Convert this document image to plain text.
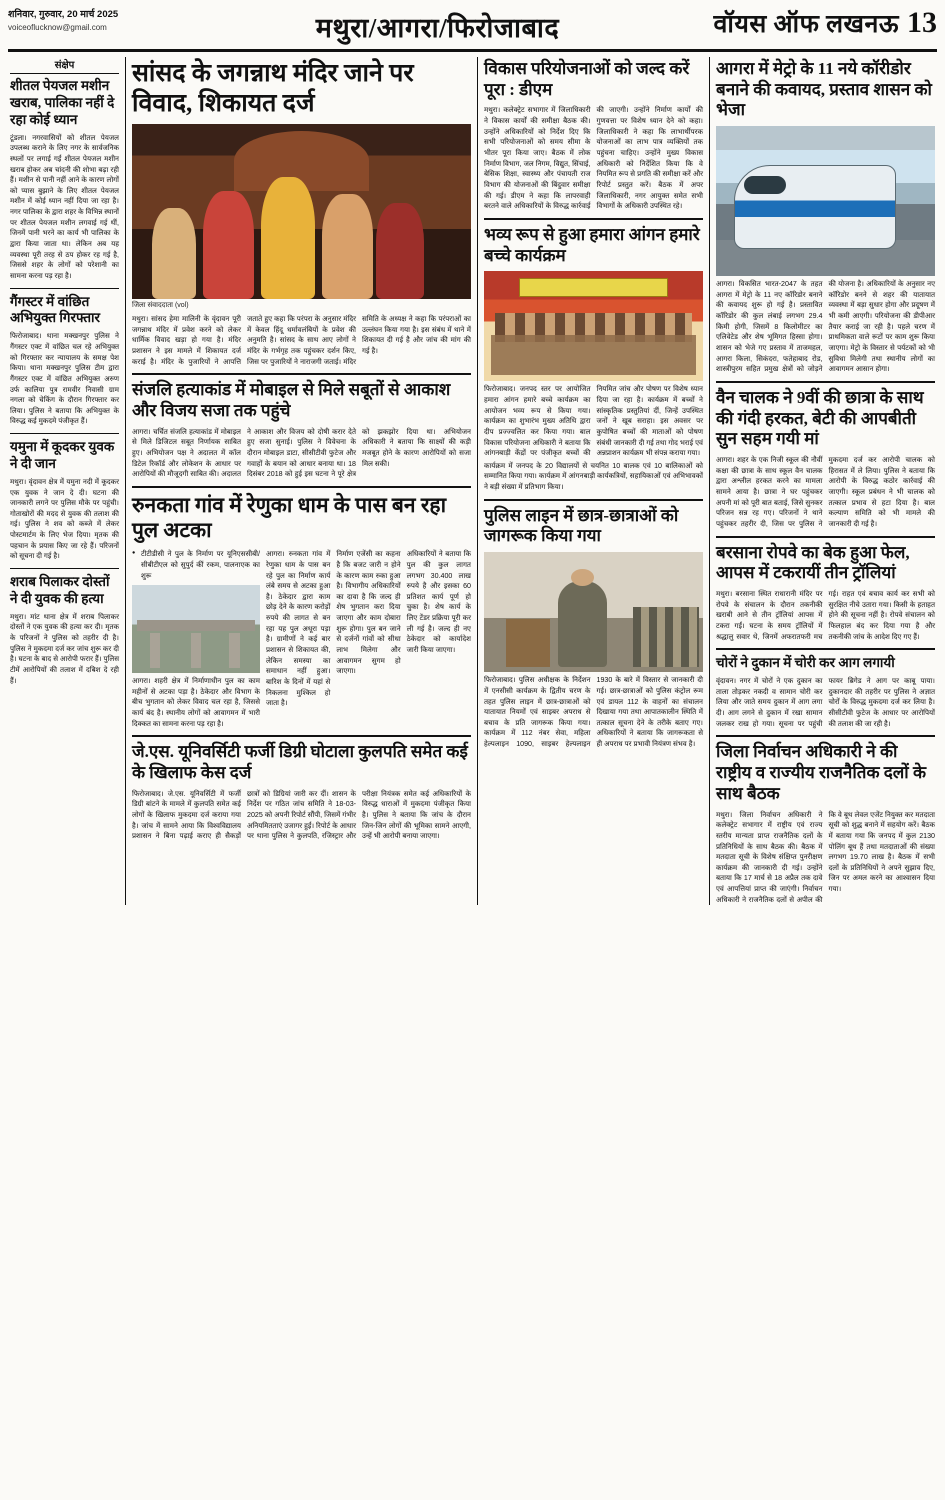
शनिवार, गुरुवार, 20 मार्च 2025
voiceoflucknow@gmail.com	मथुरा/आगरा/फिरोजाबाद	वॉयस ऑफ लखनऊ 13
संक्षेप
शीतल पेयजल मशीन खराब, पालिका नहीं दे रहा कोई ध्यान
टूंडला। नगरवासियों को शीतल पेयजल उपलब्ध कराने के लिए नगर के सार्वजनिक स्थलों पर लगाई गईं शीतल पेयजल मशीन खराब होकर अब चांदनी की शोभा बढ़ा रही हैं। मशीन से पानी नहीं आने के कारण लोगों को प्यास बुझाने के लिए शीतल पेयजल मशीन में कोई ध्यान नहीं दिया जा रहा है। नगर पालिका के द्वारा शहर के विभिन्न स्थानों पर शीतल पेयजल मशीन लगवाई गई थीं, जिनमें पानी भरने का कार्य भी पालिका के द्वारा किया जाता था। लेकिन अब यह व्यवस्था पूरी तरह से ठप होकर रह गई है, जिससे शहर के लोगों को परेशानी का सामना करना पड़ रहा है।
गैंगस्टर में वांछित अभियुक्त गिरफ्तार
फिरोजाबाद। थाना मक्खनपुर पुलिस ने गैंगस्टर एक्ट में वांछित चल रहे अभियुक्त को गिरफ्तार कर न्यायालय के समक्ष पेश किया। थाना मक्खनपुर पुलिस टीम द्वारा गैंगस्टर एक्ट में वांछित अभियुक्त अरुण उर्फ कालिया पुत्र रामवीर निवासी ग्राम नगला को चेकिंग के दौरान गिरफ्तार कर लिया। पुलिस ने बताया कि अभियुक्त के विरुद्ध कई मुकदमे पंजीकृत हैं।
यमुना में कूदकर युवक ने दी जान
मथुरा। वृंदावन क्षेत्र में यमुना नदी में कूदकर एक युवक ने जान दे दी। घटना की जानकारी लगने पर पुलिस मौके पर पहुंची। गोताखोरों की मदद से युवक की तलाश की गई। पुलिस ने शव को कब्जे में लेकर पोस्टमार्टम के लिए भेज दिया। मृतक की पहचान के प्रयास किए जा रहे हैं। परिजनों को सूचना दी गई है।
शराब पिलाकर दोस्तों ने दी युवक की हत्या
मथुरा। मांट थाना क्षेत्र में शराब पिलाकर दोस्तों ने एक युवक की हत्या कर दी। मृतक के परिजनों ने पुलिस को तहरीर दी है। पुलिस ने मुकदमा दर्ज कर जांच शुरू कर दी है। घटना के बाद से आरोपी फरार हैं। पुलिस टीमें आरोपियों की तलाश में दबिश दे रही हैं।
सांसद के जगन्नाथ मंदिर जाने पर विवाद, शिकायत दर्ज
जिला संवाददाता (vol)
मथुरा। सांसद हेमा मालिनी के वृंदावन पूरी जगन्नाथ मंदिर में प्रवेश करने को लेकर धार्मिक विवाद खड़ा हो गया है। मंदिर प्रशासन ने इस मामले में शिकायत दर्ज कराई है। मंदिर के पुजारियों ने आपत्ति जताते हुए कहा कि परंपरा के अनुसार मंदिर में केवल हिंदू धर्मावलंबियों के प्रवेश की अनुमति है। सांसद के साथ आए लोगों ने मंदिर के गर्भगृह तक पहुंचकर दर्शन किए, जिस पर पुजारियों ने नाराजगी जताई। मंदिर समिति के अध्यक्ष ने कहा कि परंपराओं का उल्लंघन किया गया है। इस संबंध में थाने में शिकायत दी गई है और जांच की मांग की गई है।
संजलि हत्याकांड में मोबाइल से मिले सबूतों से आकाश और विजय सजा तक पहुंचे
आगरा। चर्चित संजलि हत्याकांड में मोबाइल से मिले डिजिटल सबूत निर्णायक साबित हुए। अभियोजन पक्ष ने अदालत में कॉल डिटेल रिकॉर्ड और लोकेशन के आधार पर आरोपियों की मौजूदगी साबित की। अदालत ने आकाश और विजय को दोषी करार देते हुए सजा सुनाई। पुलिस ने विवेचना के दौरान मोबाइल डाटा, सीसीटीवी फुटेज और गवाहों के बयान को आधार बनाया था। 18 दिसंबर 2018 को हुई इस घटना ने पूरे क्षेत्र को झकझोर दिया था। अभियोजन अधिकारी ने बताया कि साक्ष्यों की कड़ी मजबूत होने के कारण आरोपियों को सजा मिल सकी।
रुनकता गांव में रेणुका धाम के पास बन रहा पुल अटका
● टीटीडीसी ने पुल के निर्माण पर यूनिएससीबी/सीबीटीएल को सुपुर्द कीं रकम, पालनाएक का शुरू
आगरा। शहरी क्षेत्र में निर्माणाधीन पुल का काम महीनों से अटका पड़ा है। ठेकेदार और विभाग के बीच भुगतान को लेकर विवाद चल रहा है, जिससे कार्य बंद है। स्थानीय लोगों को आवागमन में भारी दिक्कत का सामना करना पड़ रहा है।
आगरा। रुनकता गांव में रेणुका धाम के पास बन रहे पुल का निर्माण कार्य लंबे समय से अटका हुआ है। ठेकेदार द्वारा काम छोड़ देने के कारण करोड़ों रुपये की लागत से बन रहा यह पुल अधूरा पड़ा है। ग्रामीणों ने कई बार प्रशासन से शिकायत की, लेकिन समस्या का समाधान नहीं हुआ। बारिश के दिनों में यहां से निकलना मुश्किल हो जाता है।
निर्माण एजेंसी का कहना है कि बजट जारी न होने के कारण काम रुका हुआ है। विभागीय अधिकारियों का दावा है कि जल्द ही शेष भुगतान करा दिया जाएगा और काम दोबारा शुरू होगा। पुल बन जाने से दर्जनों गांवों को सीधा लाभ मिलेगा और आवागमन सुगम हो जाएगा।
अधिकारियों ने बताया कि पुल की कुल लागत लगभग 30.400 लाख रुपये है और इसका 60 प्रतिशत कार्य पूर्ण हो चुका है। शेष कार्य के लिए टेंडर प्रक्रिया पूरी कर ली गई है। जल्द ही नए ठेकेदार को कार्यादेश जारी किया जाएगा।
जे.एस. यूनिवर्सिटी फर्जी डिग्री घोटाला कुलपति समेत कई के खिलाफ केस दर्ज
फिरोजाबाद। जे.एस. यूनिवर्सिटी में फर्जी डिग्री बांटने के मामले में कुलपति समेत कई लोगों के खिलाफ मुकदमा दर्ज कराया गया है। जांच में सामने आया कि विश्वविद्यालय प्रशासन ने बिना पढ़ाई कराए ही सैकड़ों छात्रों को डिग्रियां जारी कर दीं। शासन के निर्देश पर गठित जांच समिति ने 18-03-2025 को अपनी रिपोर्ट सौंपी, जिसमें गंभीर अनियमितताएं उजागर हुईं। रिपोर्ट के आधार पर थाना पुलिस ने कुलपति, रजिस्ट्रार और परीक्षा नियंत्रक समेत कई अधिकारियों के विरुद्ध धाराओं में मुकदमा पंजीकृत किया है। पुलिस ने बताया कि जांच के दौरान जिन-जिन लोगों की भूमिका सामने आएगी, उन्हें भी आरोपी बनाया जाएगा।
विकास परियोजनाओं को जल्द करें पूरा : डीएम
मथुरा। कलेक्ट्रेट सभागार में जिलाधिकारी ने विकास कार्यों की समीक्षा बैठक की। उन्होंने अधिकारियों को निर्देश दिए कि सभी परियोजनाओं को समय सीमा के भीतर पूरा किया जाए। बैठक में लोक निर्माण विभाग, जल निगम, विद्युत, सिंचाई, बेसिक शिक्षा, स्वास्थ्य और पंचायती राज विभाग की योजनाओं की बिंदुवार समीक्षा की गई। डीएम ने कहा कि लापरवाही बरतने वाले अधिकारियों के विरुद्ध कार्रवाई की जाएगी। उन्होंने निर्माण कार्यों की गुणवत्ता पर विशेष ध्यान देने को कहा। जिलाधिकारी ने कहा कि लाभार्थीपरक योजनाओं का लाभ पात्र व्यक्तियों तक पहुंचना चाहिए। उन्होंने मुख्य विकास अधिकारी को निर्देशित किया कि वे नियमित रूप से प्रगति की समीक्षा करें और रिपोर्ट प्रस्तुत करें। बैठक में अपर जिलाधिकारी, नगर आयुक्त समेत सभी विभागों के अधिकारी उपस्थित रहे।
भव्य रूप से हुआ हमारा आंगन हमारे बच्चे कार्यक्रम
फिरोजाबाद। जनपद स्तर पर आयोजित हमारा आंगन हमारे बच्चे कार्यक्रम का आयोजन भव्य रूप से किया गया। कार्यक्रम का शुभारंभ मुख्य अतिथि द्वारा दीप प्रज्ज्वलित कर किया गया। बाल विकास परियोजना अधिकारी ने बताया कि आंगनबाड़ी केंद्रों पर पंजीकृत बच्चों की नियमित जांच और पोषण पर विशेष ध्यान दिया जा रहा है। कार्यक्रम में बच्चों ने सांस्कृतिक प्रस्तुतियां दीं, जिन्हें उपस्थित जनों ने खूब सराहा। इस अवसर पर कुपोषित बच्चों की माताओं को पोषण संबंधी जानकारी दी गई तथा गोद भराई एवं अन्नप्राशन कार्यक्रम भी संपन्न कराया गया।
कार्यक्रम में जनपद के 20 विद्यालयों से चयनित 10 बालक एवं 10 बालिकाओं को सम्मानित किया गया। कार्यक्रम में आंगनबाड़ी कार्यकत्रियों, सहायिकाओं एवं अभिभावकों ने बड़ी संख्या में प्रतिभाग किया।
पुलिस लाइन में छात्र-छात्राओं को जागरूक किया गया
फिरोजाबाद। पुलिस अधीक्षक के निर्देशन में एनसीसी कार्यक्रम के द्वितीय चरण के तहत पुलिस लाइन में छात्र-छात्राओं को यातायात नियमों एवं साइबर अपराध से बचाव के प्रति जागरूक किया गया। कार्यक्रम में 112 नंबर सेवा, महिला हेल्पलाइन 1090, साइबर हेल्पलाइन 1930 के बारे में विस्तार से जानकारी दी गई। छात्र-छात्राओं को पुलिस कंट्रोल रूम एवं डायल 112 के वाहनों का संचालन दिखाया गया तथा आपातकालीन स्थिति में तत्काल सूचना देने के तरीके बताए गए। अधिकारियों ने बताया कि जागरूकता से ही अपराध पर प्रभावी नियंत्रण संभव है।
आगरा में मेट्रो के 11 नये कॉरीडोर बनाने की कवायद, प्रस्ताव शासन को भेजा
आगरा। विकसित भारत-2047 के तहत आगरा में मेट्रो के 11 नए कॉरिडोर बनाने की कवायद शुरू हो गई है। प्रस्तावित कॉरिडोर की कुल लंबाई लगभग 29.4 किमी होगी, जिसमें 8 किलोमीटर का एलिवेटेड और शेष भूमिगत हिस्सा होगा। शासन को भेजे गए प्रस्ताव में ताजमहल, आगरा किला, सिकंदरा, फतेहाबाद रोड, शास्त्रीपुरम सहित प्रमुख क्षेत्रों को जोड़ने की योजना है। अधिकारियों के अनुसार नए कॉरिडोर बनने से शहर की यातायात व्यवस्था में बड़ा सुधार होगा और प्रदूषण में भी कमी आएगी। परियोजना की डीपीआर तैयार कराई जा रही है। पहले चरण में प्राथमिकता वाले रूटों पर काम शुरू किया जाएगा। मेट्रो के विस्तार से पर्यटकों को भी सुविधा मिलेगी तथा स्थानीय लोगों का आवागमन आसान होगा।
वैन चालक ने 9वीं की छात्रा के साथ की गंदी हरकत, बेटी की आपबीती सुन सहम गयी मां
आगरा। शहर के एक निजी स्कूल की नौवीं कक्षा की छात्रा के साथ स्कूल वैन चालक द्वारा अश्लील हरकत करने का मामला सामने आया है। छात्रा ने घर पहुंचकर अपनी मां को पूरी बात बताई, जिसे सुनकर परिजन सन्न रह गए। परिजनों ने थाने पहुंचकर तहरीर दी, जिस पर पुलिस ने मुकदमा दर्ज कर आरोपी चालक को हिरासत में ले लिया। पुलिस ने बताया कि आरोपी के विरुद्ध कठोर कार्रवाई की जाएगी। स्कूल प्रबंधन ने भी चालक को तत्काल प्रभाव से हटा दिया है। बाल कल्याण समिति को भी मामले की जानकारी दी गई है।
बरसाना रोपवे का बेक हुआ फेल, आपस में टकरायीं तीन ट्रॉलियां
मथुरा। बरसाना स्थित राधारानी मंदिर पर रोपवे के संचालन के दौरान तकनीकी खराबी आने से तीन ट्रॉलियां आपस में टकरा गईं। घटना के समय ट्रॉलियों में श्रद्धालु सवार थे, जिनमें अफरातफरी मच गई। राहत एवं बचाव कार्य कर सभी को सुरक्षित नीचे उतारा गया। किसी के हताहत होने की सूचना नहीं है। रोपवे संचालन को फिलहाल बंद कर दिया गया है और तकनीकी जांच के आदेश दिए गए हैं।
चोरों ने दुकान में चोरी कर आग लगायी
वृंदावन। नगर में चोरों ने एक दुकान का ताला तोड़कर नकदी व सामान चोरी कर लिया और जाते समय दुकान में आग लगा दी। आग लगने से दुकान में रखा सामान जलकर राख हो गया। सूचना पर पहुंची फायर ब्रिगेड ने आग पर काबू पाया। दुकानदार की तहरीर पर पुलिस ने अज्ञात चोरों के विरुद्ध मुकदमा दर्ज कर लिया है। सीसीटीवी फुटेज के आधार पर आरोपियों की तलाश की जा रही है।
जिला निर्वाचन अधिकारी ने की राष्ट्रीय व राज्यीय राजनैतिक दलों के साथ बैठक
मथुरा। जिला निर्वाचन अधिकारी ने कलेक्ट्रेट सभागार में राष्ट्रीय एवं राज्य स्तरीय मान्यता प्राप्त राजनैतिक दलों के प्रतिनिधियों के साथ बैठक की। बैठक में मतदाता सूची के विशेष संक्षिप्त पुनरीक्षण कार्यक्रम की जानकारी दी गई। उन्होंने बताया कि 17 मार्च से 18 अप्रैल तक दावे एवं आपत्तियां प्राप्त की जाएंगी। निर्वाचन अधिकारी ने राजनैतिक दलों से अपील की कि वे बूथ लेवल एजेंट नियुक्त कर मतदाता सूची को शुद्ध बनाने में सहयोग करें। बैठक में बताया गया कि जनपद में कुल 2130 पोलिंग बूथ हैं तथा मतदाताओं की संख्या लगभग 19.70 लाख है। बैठक में सभी दलों के प्रतिनिधियों ने अपने सुझाव दिए, जिन पर अमल करने का आश्वासन दिया गया।
